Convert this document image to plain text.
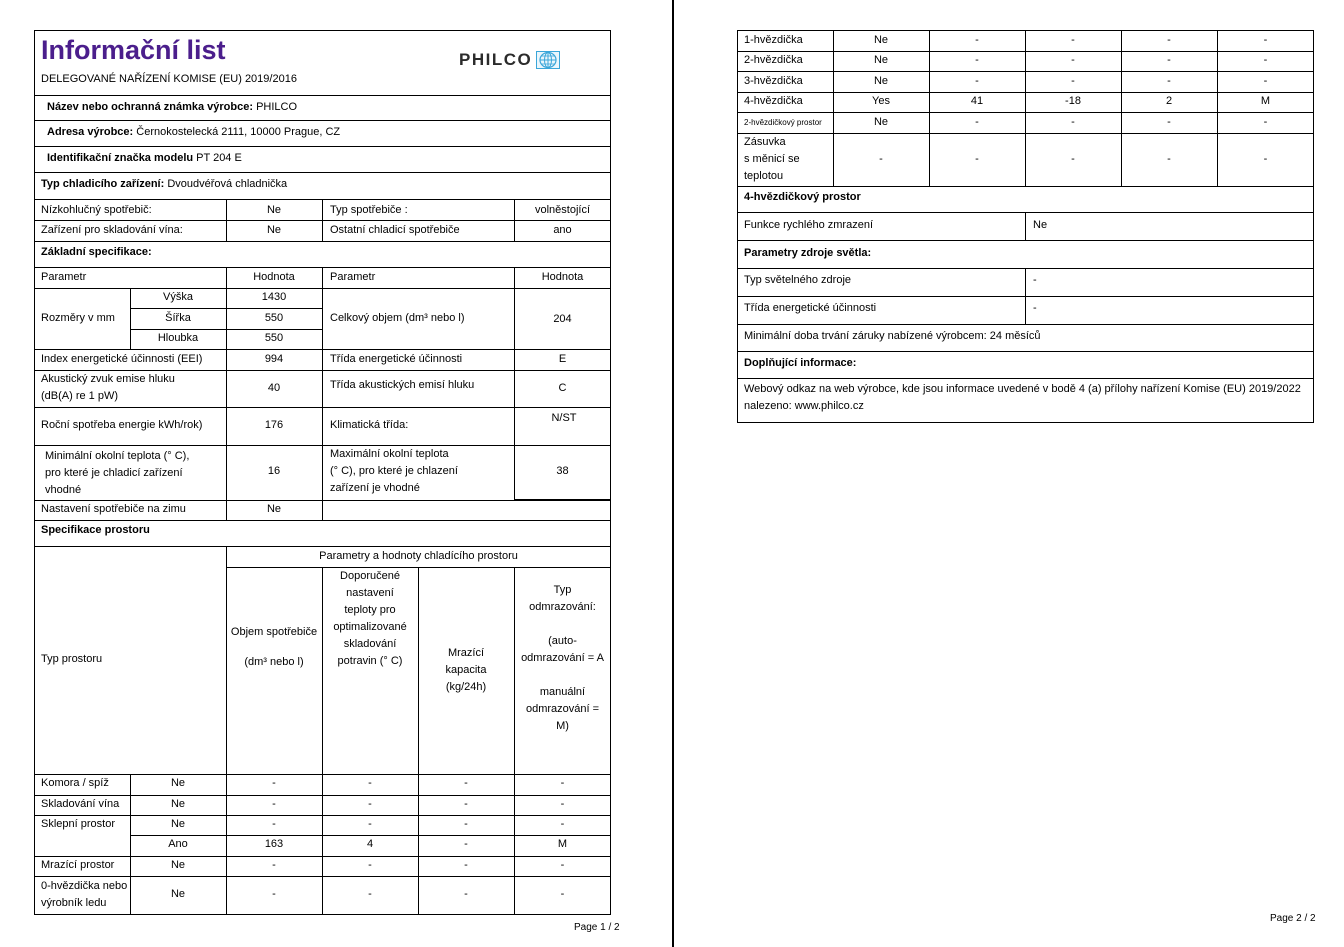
Informační list
DELEGOVANÉ NAŘÍZENÍ KOMISE (EU) 2019/2016
PHILCO
Název nebo ochranná známka výrobce: PHILCO
Adresa výrobce: Černokostelecká 2111, 10000 Prague, CZ
Identifikační značka modelu PT 204 E
Typ chladicího zařízení: Dvoudvéřová chladnička
Nízkohlučný spotřebič:	Ne	Typ spotřebiče :	volněstojící
Zařízení pro skladování vína:	Ne	Ostatní chladicí spotřebiče	ano
Základní specifikace:
Parametr	Hodnota	Parametr	Hodnota
Rozměry v mm
Výška	1430
Šířka	550
Hloubka	550
Celkový objem (dm³ nebo l)	204
Index energetické účinnosti (EEI)	994	Třída energetické účinnosti	E
Akustický zvuk emise hluku
(dB(A) re 1 pW)
40	Třída akustických emisí hluku	C
Roční spotřeba energie kWh/rok)	176	Klimatická třída:
N/ST
Minimální okolní teplota (° C),
pro které je chladicí zařízení
vhodné
16
Maximální okolní teplota
(° C), pro které je chlazení
zařízení je vhodné
38
Nastavení spotřebiče na zimu	Ne
Specifikace prostoru
Parametry a hodnoty chladícího prostoru
Typ prostoru
Objem spotřebiče
(dm³ nebo l)
Doporučené
nastavení
teploty pro
optimalizované
skladování
potravin (° C)
Mrazící
kapacita
(kg/24h)
Typ
odmrazování:
(auto-
odmrazování = A
manuální
odmrazování =
M)
Komora / spíž	Ne	-	-	-	-
Skladování vína	Ne	-	-	-	-
Sklepní prostor	Ne	-	-	-	-
Ano	163	4	-	M
Mrazící prostor	Ne	-	-	-	-
0-hvězdička nebo
výrobník ledu
Ne	-	-	-	-
Page 1 / 2
1-hvězdička	Ne	-	-	-	-
2-hvězdička	Ne	-	-	-	-
3-hvězdička	Ne	-	-	-	-
4-hvězdička	Yes	41	-18	2	M
2-hvězdičkový prostor	Ne	-	-	-	-
Zásuvka
s měnicí se
teplotou
-	-	-	-	-
4-hvězdičkový prostor
Funkce rychlého zmrazení	Ne
Parametry zdroje světla:
Typ světelného zdroje	-
Třída energetické účinnosti	-
Minimální doba trvání záruky nabízené výrobcem: 24 měsíců
Doplňující informace:
Webový odkaz na web výrobce, kde jsou informace uvedené v bodě 4 (a) přílohy nařízení Komise (EU) 2019/2022
nalezeno: www.philco.cz
Page 2 / 2
